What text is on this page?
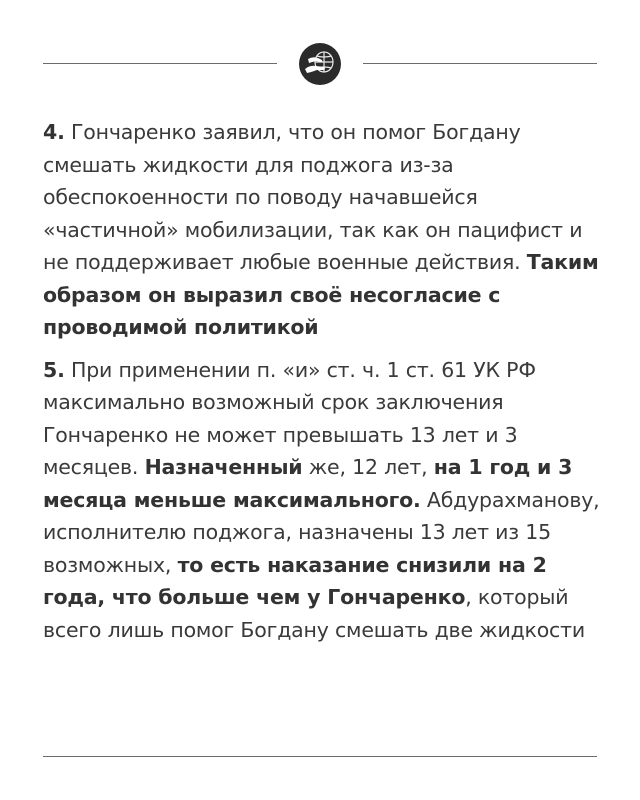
4. Гончаренко заявил, что он помог Богдану смешать жидкости для поджога из-за обеспокоенности по поводу начавшейся «частичной» мобилизации, так как он пацифист и не поддерживает любые военные действия. Таким образом он выразил своё несогласие с проводимой политикой

5. При применении п. «и» ст. ч. 1 ст. 61 УК РФ максимально возможный срок заключения Гончаренко не может превышать 13 лет и 3 месяцев. Назначенный же, 12 лет, на 1 год и 3 месяца меньше максимального. Абдурахманову, исполнителю поджога, назначены 13 лет из 15 возможных, то есть наказание снизили на 2 года, что больше чем у Гончаренко, который всего лишь помог Богдану смешать две жидкости
